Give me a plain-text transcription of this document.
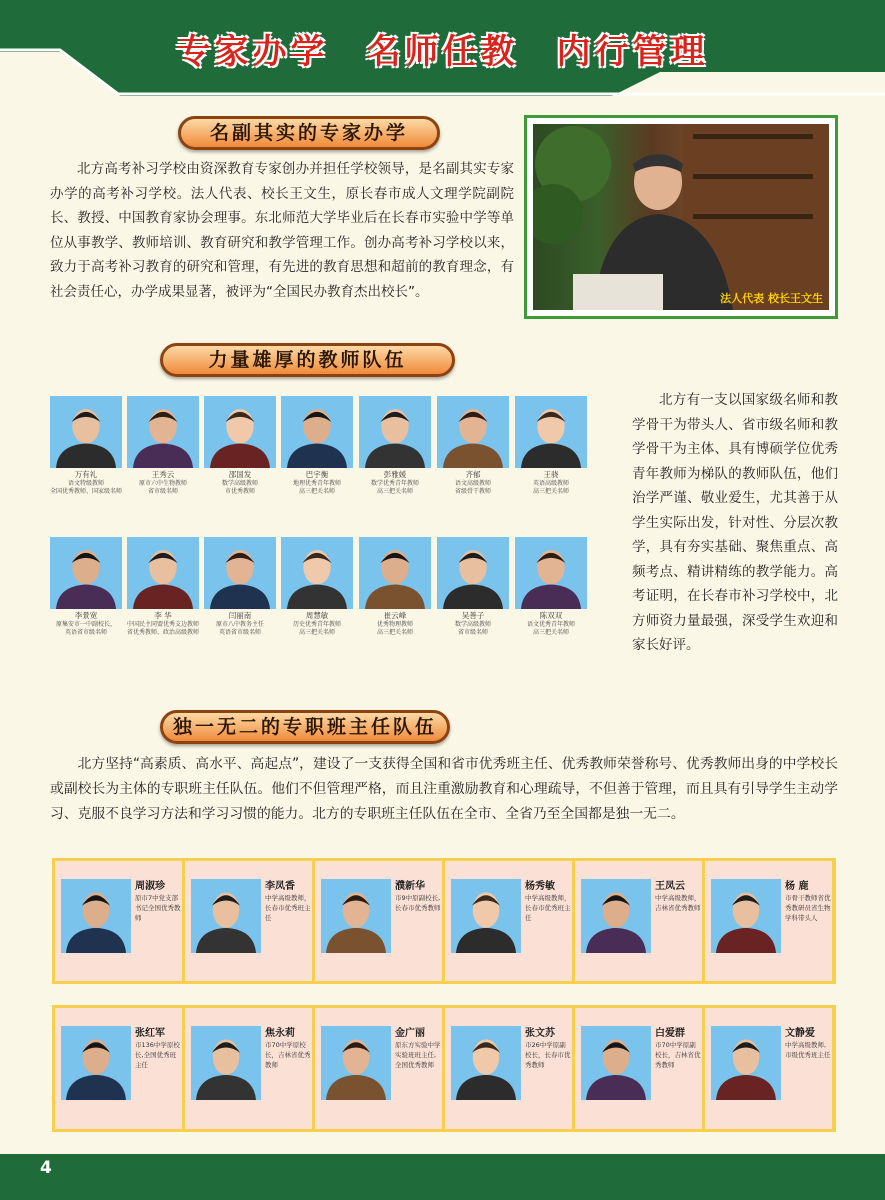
专家办学　名师任教　内行管理
名副其实的专家办学

北方高考补习学校由资深教育专家创办并担任学校领导，是名副其实专家办学的高考补习学校。法人代表、校长王文生，原长春市成人文理学院副院长、教授、中国教育家协会理事。东北师范大学毕业后在长春市实验中学等单位从事教学、教师培训、教育研究和教学管理工作。创办高考补习学校以来，致力于高考补习教育的研究和管理，有先进的教育思想和超前的教育理念，有社会责任心，办学成果显著，被评为“全国民办教育杰出校长”。	法人代表 校长王文生
力量雄厚的教师队伍

北方有一支以国家级名师和教学骨干为带头人、省市级名师和教学骨干为主体、具有博硕学位优秀青年教师为梯队的教师队伍，他们治学严谨、敬业爱生，尤其善于从学生实际出发，针对性、分层次教学，具有夯实基础、聚焦重点、高频考点、精讲精练的教学能力。高考证明，在长春市补习学校中，北方师资力量最强，深受学生欢迎和家长好评。

万有礼
语文特级教师
全国优秀教师、国家级名师
王秀云
原市六中生物教师
省市级名师
邵国发
数学高级教师
市优秀教师
巴宇衡
地理优秀青年教师
高三把关名师
彭雅媛
数学优秀青年教师
高三把关名师
齐郁
语文高级教师
省级骨干教师
王骁
英语高级教师
高三把关名师
李景宽
原集安市一中副校长，
英语省市级名师
李 华
中国民主同盟优秀支边教师
省优秀教师、政治高级教师
闫丽南
原市八中教务主任
英语省市级名师
周慧敏
历史优秀青年教师
高三把关名师
崔云峰
优秀物理教师
高三把关名师
吴善子
数学高级教师
省市级名师
陈双双
语文优秀青年教师
高三把关名师
独一无二的专职班主任队伍

北方坚持“高素质、高水平、高起点”，建设了一支获得全国和省市优秀班主任、优秀教师荣誉称号、优秀教师出身的中学校长或副校长为主体的专职班主任队伍。他们不但管理严格，而且注重激励教育和心理疏导，不但善于管理，而且具有引导学生主动学习、克服不良学习方法和学习习惯的能力。北方的专职班主任队伍在全市、全省乃至全国都是独一无二。

周淑珍
原市7中党支部书记全国优秀教师
李凤香
中学高级教师，长春市优秀班主任
濮新华
市9中原副校长,长春市优秀教师
杨秀敏
中学高级教师，长春市优秀班主任
王凤云
中学高级教师，吉林省优秀教师
杨 鹿
市骨干教师省优秀教研员省生物学科带头人
张红军
市136中学原校长,全国优秀班主任
焦永莉
市70中学原校长，吉林省优秀教师
金广丽
原东方实验中学实验班班主任,全国优秀教师
张文苏
市26中学原副校长，长春市优秀教师
白爱群
市70中学原副校长，吉林省优秀教师
文静爱
中学高级教师,市级优秀班主任
4
